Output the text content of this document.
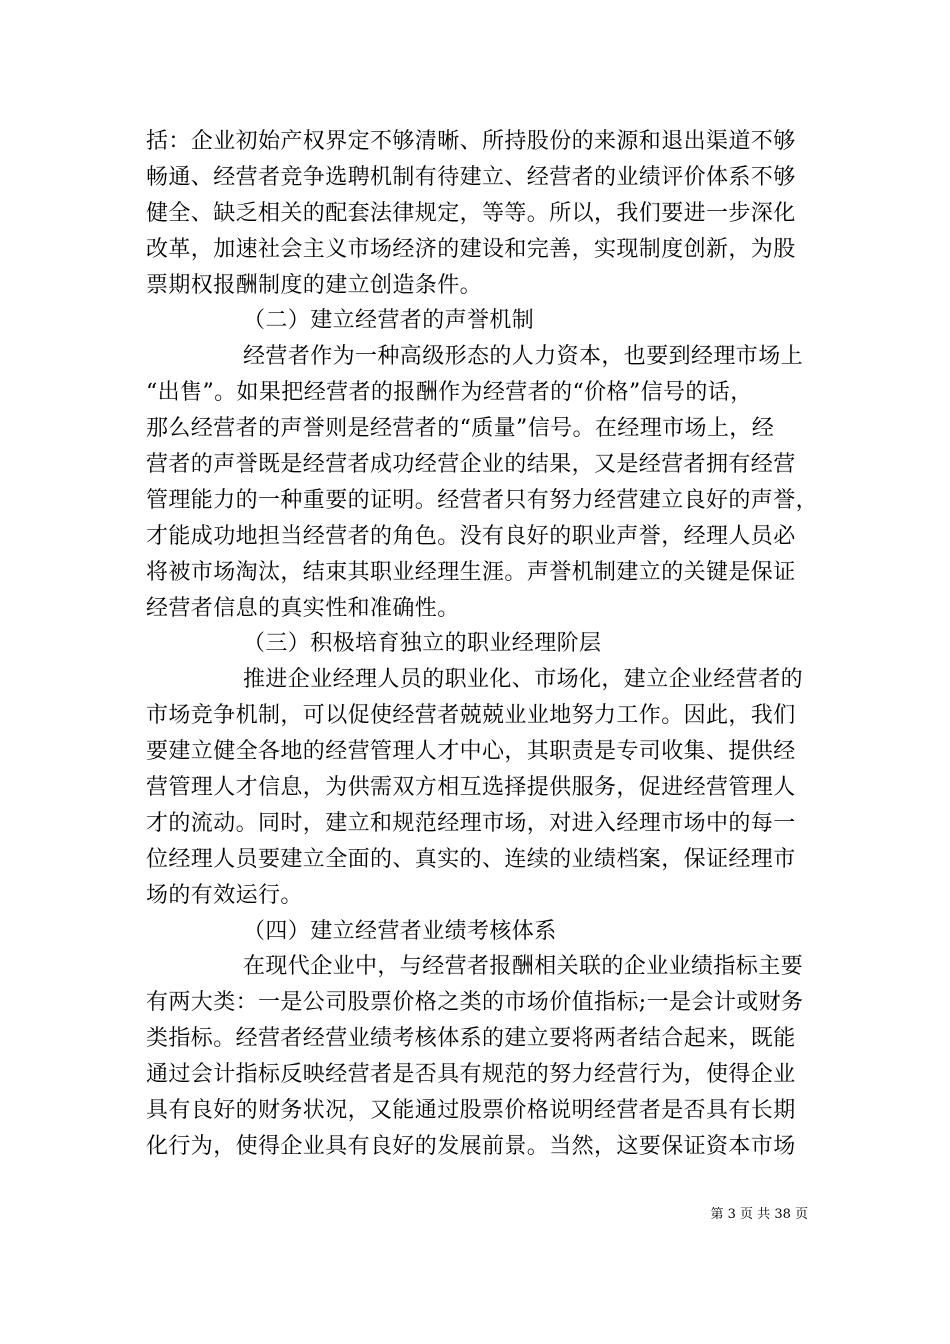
括：企业初始产权界定不够清晰、所持股份的来源和退出渠道不够
畅通、经营者竞争选聘机制有待建立、经营者的业绩评价体系不够
健全、缺乏相关的配套法律规定，等等。所以，我们要进一步深化
改革，加速社会主义市场经济的建设和完善，实现制度创新，为股
票期权报酬制度的建立创造条件。
（二）建立经营者的声誉机制
经营者作为一种高级形态的人力资本，也要到经理市场上
“出售”。如果把经营者的报酬作为经营者的“价格”信号的话，
那么经营者的声誉则是经营者的“质量”信号。在经理市场上，经
营者的声誉既是经营者成功经营企业的结果，又是经营者拥有经营
管理能力的一种重要的证明。经营者只有努力经营建立良好的声誉，
才能成功地担当经营者的角色。没有良好的职业声誉，经理人员必
将被市场淘汰，结束其职业经理生涯。声誉机制建立的关键是保证
经营者信息的真实性和准确性。
（三）积极培育独立的职业经理阶层
推进企业经理人员的职业化、市场化，建立企业经营者的
市场竞争机制，可以促使经营者兢兢业业地努力工作。因此，我们
要建立健全各地的经营管理人才中心，其职责是专司收集、提供经
营管理人才信息，为供需双方相互选择提供服务，促进经营管理人
才的流动。同时，建立和规范经理市场，对进入经理市场中的每一
位经理人员要建立全面的、真实的、连续的业绩档案，保证经理市
场的有效运行。
（四）建立经营者业绩考核体系
在现代企业中，与经营者报酬相关联的企业业绩指标主要
有两大类：一是公司股票价格之类的市场价值指标;一是会计或财务
类指标。经营者经营业绩考核体系的建立要将两者结合起来，既能
通过会计指标反映经营者是否具有规范的努力经营行为，使得企业
具有良好的财务状况，又能通过股票价格说明经营者是否具有长期
化行为，使得企业具有良好的发展前景。当然，这要保证资本市场
第 3 页 共 38 页
